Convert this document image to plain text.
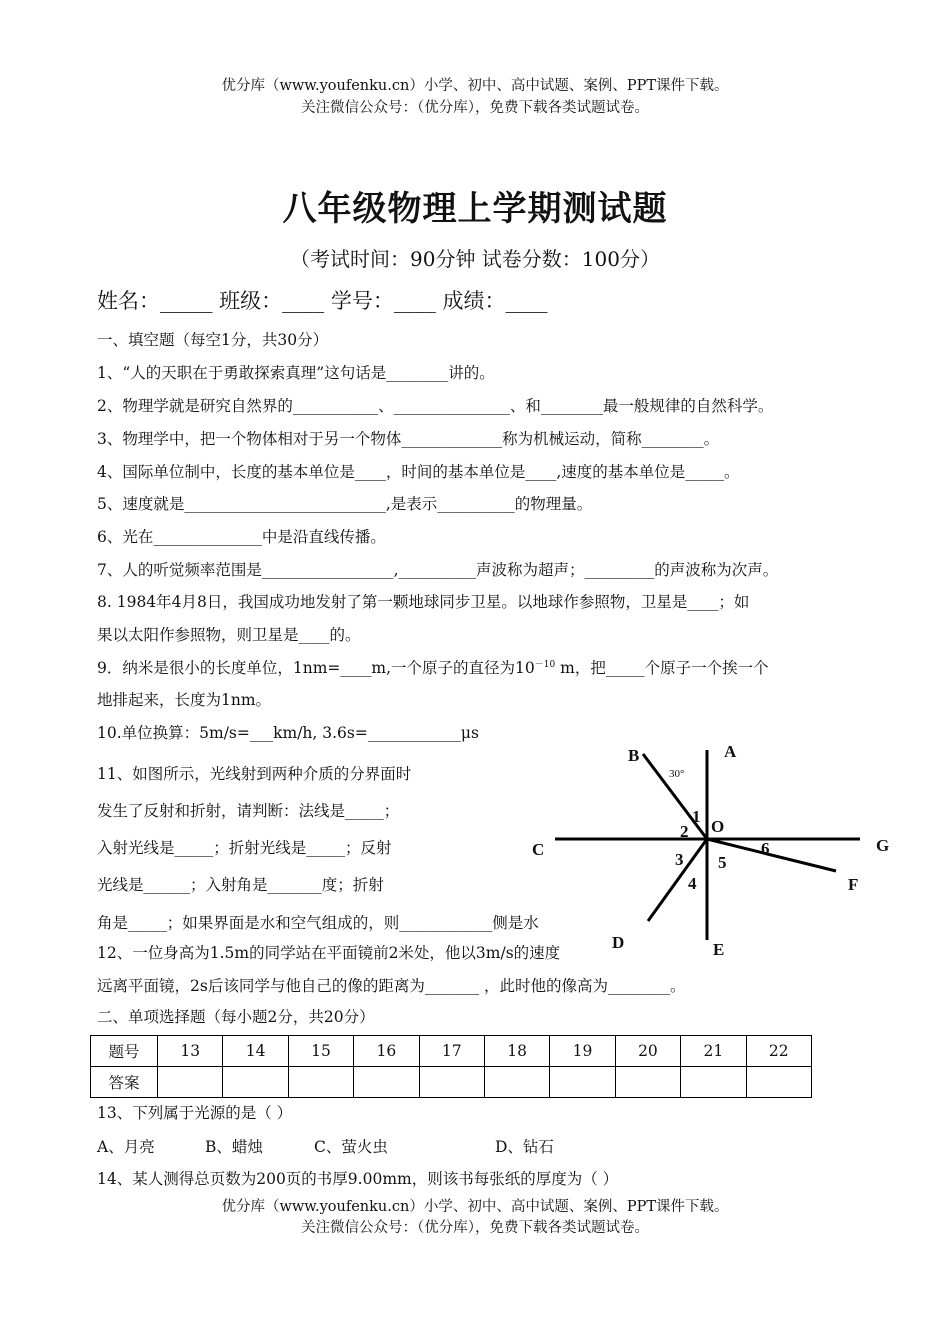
优分库（www.youfenku.cn）小学、初中、高中试题、案例、PPT课件下载。
关注微信公众号：（优分库），免费下载各类试题试卷。
八年级物理上学期测试题
（考试时间：90分钟 试卷分数：100分）
姓名：_____ 班级：____ 学号：____ 成绩：____
一、填空题（每空1分，共30分）
1、“人的天职在于勇敢探索真理”这句话是________讲的。
2、物理学就是研究自然界的___________、_______________、和________最一般规律的自然科学。
3、物理学中，把一个物体相对于另一个物体_____________称为机械运动，简称________。
4、国际单位制中，长度的基本单位是____，时间的基本单位是____,速度的基本单位是_____。
5、速度就是__________________________,是表示__________的物理量。
6、光在______________中是沿直线传播。
7、人的听觉频率范围是_________________,__________声波称为超声；_________的声波称为次声。
8. 1984年4月8日，我国成功地发射了第一颗地球同步卫星。以地球作参照物，卫星是____；如
果以太阳作参照物，则卫星是____的。
9．纳米是很小的长度单位，1nm=____m,一个原子的直径为$10^{-10}$ m，把_____个原子一个挨一个
地排起来，长度为1nm。
10.单位换算：5m/s=___km/h, 3.6s=____________μs
11、如图所示，光线射到两种介质的分界面时
发生了反射和折射，请判断：法线是_____；
入射光线是_____；折射光线是_____；反射
光线是______；入射角是_______度；折射
角是_____；如果界面是水和空气组成的，则____________侧是水
12、一位身高为1.5m的同学站在平面镜前2米处，他以3m/s的速度
远离平面镜，2s后该同学与他自己的像的距离为_______ ，此时他的像高为________。
B	A
30°
1
2 O
C	G
6
3 5
4	F
D	E
二、单项选择题（每小题2分，共20分）
题号	13	14	15	16	17	18	19	20	21	22
答案										
13、下列属于光源的是（ ）
A、月亮	B、蜡烛	C、萤火虫	D、钻石
14、某人测得总页数为200页的书厚9.00mm，则该书每张纸的厚度为（ ）
优分库（www.youfenku.cn）小学、初中、高中试题、案例、PPT课件下载。
关注微信公众号：（优分库），免费下载各类试题试卷。
